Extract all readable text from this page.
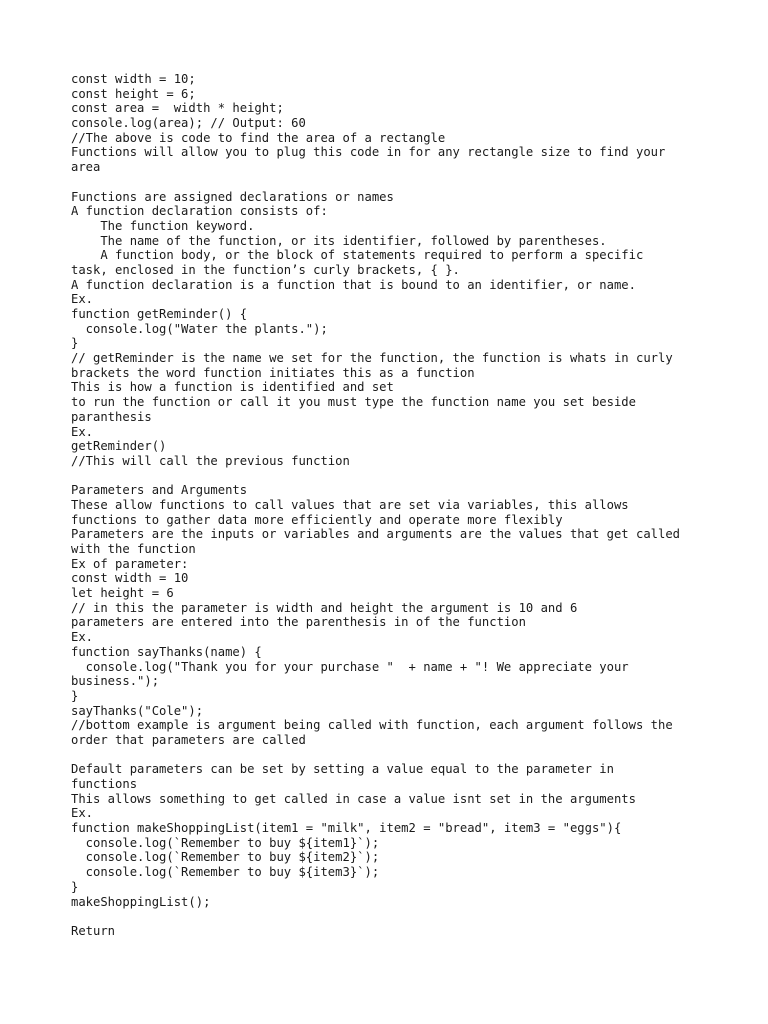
const width = 10;
const height = 6;
const area =  width * height;
console.log(area); // Output: 60
//The above is code to find the area of a rectangle
Functions will allow you to plug this code in for any rectangle size to find your
area
Functions are assigned declarations or names
A function declaration consists of:
The function keyword.
The name of the function, or its identifier, followed by parentheses.
A function body, or the block of statements required to perform a specific
task, enclosed in the function’s curly brackets, { }.
A function declaration is a function that is bound to an identifier, or name.
Ex.
function getReminder() {
console.log("Water the plants.");
}
// getReminder is the name we set for the function, the function is whats in curly
brackets the word function initiates this as a function
This is how a function is identified and set
to run the function or call it you must type the function name you set beside
paranthesis
Ex.
getReminder()
//This will call the previous function
Parameters and Arguments
These allow functions to call values that are set via variables, this allows
functions to gather data more efficiently and operate more flexibly
Parameters are the inputs or variables and arguments are the values that get called
with the function
Ex of parameter:
const width = 10
let height = 6
// in this the parameter is width and height the argument is 10 and 6
parameters are entered into the parenthesis in of the function
Ex.
function sayThanks(name) {
console.log("Thank you for your purchase "  + name + "! We appreciate your
business.");
}
sayThanks("Cole");
//bottom example is argument being called with function, each argument follows the
order that parameters are called
Default parameters can be set by setting a value equal to the parameter in
functions
This allows something to get called in case a value isnt set in the arguments
Ex.
function makeShoppingList(item1 = "milk", item2 = "bread", item3 = "eggs"){
console.log(`Remember to buy ${item1}`);
console.log(`Remember to buy ${item2}`);
console.log(`Remember to buy ${item3}`);
}
makeShoppingList();
Return
